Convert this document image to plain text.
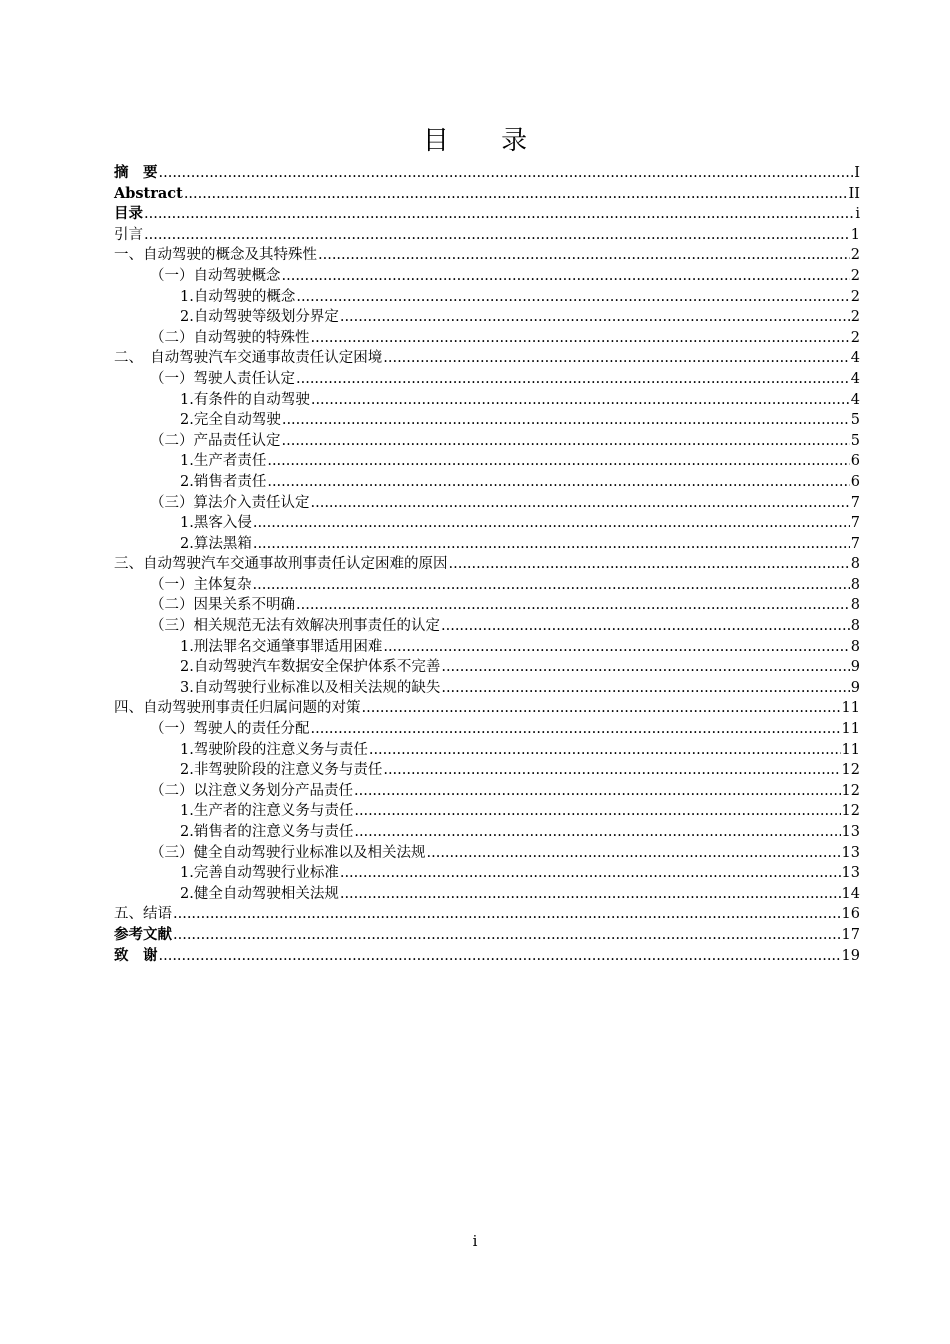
目 录
摘　要 .....	I
Abstract .....	II
目录 .....	i
引言 .....	1
一、自动驾驶的概念及其特殊性 .....	2
（一）自动驾驶概念 .....	2
1.自动驾驶的概念 .....	2
2.自动驾驶等级划分界定 .....	2
（二）自动驾驶的特殊性 .....	2
二、　自动驾驶汽车交通事故责任认定困境 .....	4
（一）驾驶人责任认定 .....	4
1.有条件的自动驾驶 .....	4
2.完全自动驾驶 .....	5
（二）产品责任认定 .....	5
1.生产者责任 .....	6
2.销售者责任 .....	6
（三）算法介入责任认定 .....	7
1.黑客入侵 .....	7
2.算法黑箱 .....	7
三、自动驾驶汽车交通事故刑事责任认定困难的原因 .....	8
（一）主体复杂 .....	8
（二）因果关系不明确 .....	8
（三）相关规范无法有效解决刑事责任的认定 .....	8
1.刑法罪名交通肇事罪适用困难 .....	8
2.自动驾驶汽车数据安全保护体系不完善 .....	9
3.自动驾驶行业标准以及相关法规的缺失 .....	9
四、自动驾驶刑事责任归属问题的对策 .....	11
（一）驾驶人的责任分配 .....	11
1.驾驶阶段的注意义务与责任 .....	11
2.非驾驶阶段的注意义务与责任 .....	12
（二）以注意义务划分产品责任 .....	12
1.生产者的注意义务与责任 .....	12
2.销售者的注意义务与责任 .....	13
（三）健全自动驾驶行业标准以及相关法规 .....	13
1.完善自动驾驶行业标准 .....	13
2.健全自动驾驶相关法规 .....	14
五、结语 .....	16
参考文献 .....	17
致　谢 .....	19
i
